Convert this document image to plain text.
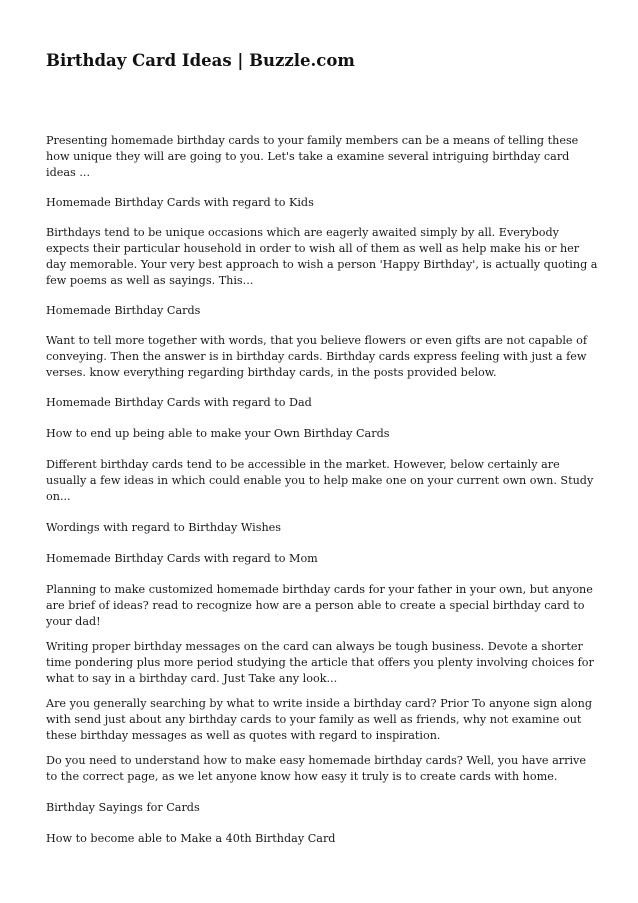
Birthday Card Ideas | Buzzle.com

Presenting homemade birthday cards to your family members can be a means of telling these how unique they will are going to you. Let's take a examine several intriguing birthday card ideas ...

Homemade Birthday Cards with regard to Kids

Birthdays tend to be unique occasions which are eagerly awaited simply by all. Everybody expects their particular household in order to wish all of them as well as help make his or her day memorable. Your very best approach to wish a person 'Happy Birthday', is actually quoting a few poems as well as sayings. This...

Homemade Birthday Cards

Want to tell more together with words, that you believe flowers or even gifts are not capable of conveying. Then the answer is in birthday cards. Birthday cards express feeling with just a few verses. know everything regarding birthday cards, in the posts provided below.

Homemade Birthday Cards with regard to Dad

How to end up being able to make your Own Birthday Cards

Different birthday cards tend to be accessible in the market. However, below certainly are usually a few ideas in which could enable you to help make one on your current own own. Study on...

Wordings with regard to Birthday Wishes

Homemade Birthday Cards with regard to Mom

Planning to make customized homemade birthday cards for your father in your own, but anyone are brief of ideas? read to recognize how are a person able to create a special birthday card to your dad!

Writing proper birthday messages on the card can always be tough business. Devote a shorter time pondering plus more period studying the article that offers you plenty involving choices for what to say in a birthday card. Just Take any look...

Are you generally searching by what to write inside a birthday card? Prior To anyone sign along with send just about any birthday cards to your family as well as friends, why not examine out these birthday messages as well as quotes with regard to inspiration.

Do you need to understand how to make easy homemade birthday cards? Well, you have arrive to the correct page, as we let anyone know how easy it truly is to create cards with home.

Birthday Sayings for Cards

How to become able to Make a 40th Birthday Card
